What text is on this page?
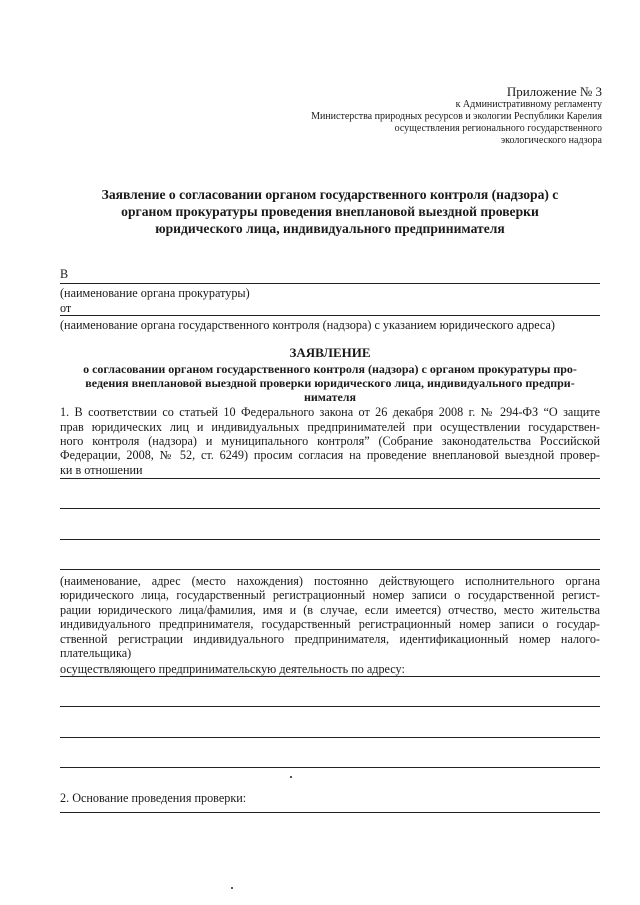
Приложение № 3
к Административному регламенту
Министерства природных ресурсов и экологии Республики Карелия
осуществления регионального государственного
экологического надзора
Заявление о согласовании органом государственного контроля (надзора) с
органом прокуратуры проведения внеплановой выездной проверки
юридического лица, индивидуального предпринимателя
В
(наименование органа прокуратуры)
от
(наименование органа государственного контроля (надзора) с указанием юридического адреса)
ЗАЯВЛЕНИЕ
о согласовании органом государственного контроля (надзора) с органом прокуратуры про-
ведения внеплановой выездной проверки юридического лица, индивидуального предпри-
нимателя
1. В соответствии со статьей 10 Федерального закона от 26 декабря 2008 г. № 294-ФЗ “О защите
прав юридических лиц и индивидуальных предпринимателей при осуществлении государствен-
ного контроля (надзора) и муниципального контроля” (Собрание законодательства Российской
Федерации, 2008, № 52, ст. 6249) просим согласия на проведение внеплановой выездной провер-
ки в отношении
(наименование, адрес (место нахождения) постоянно действующего исполнительного органа
юридического лица, государственный регистрационный номер записи о государственной регист-
рации юридического лица/фамилия, имя и (в случае, если имеется) отчество, место жительства
индивидуального предпринимателя, государственный регистрационный номер записи о государ-
ственной регистрации индивидуального предпринимателя, идентификационный номер налого-
плательщика)
осуществляющего предпринимательскую деятельность по адресу:
2. Основание проведения проверки:
